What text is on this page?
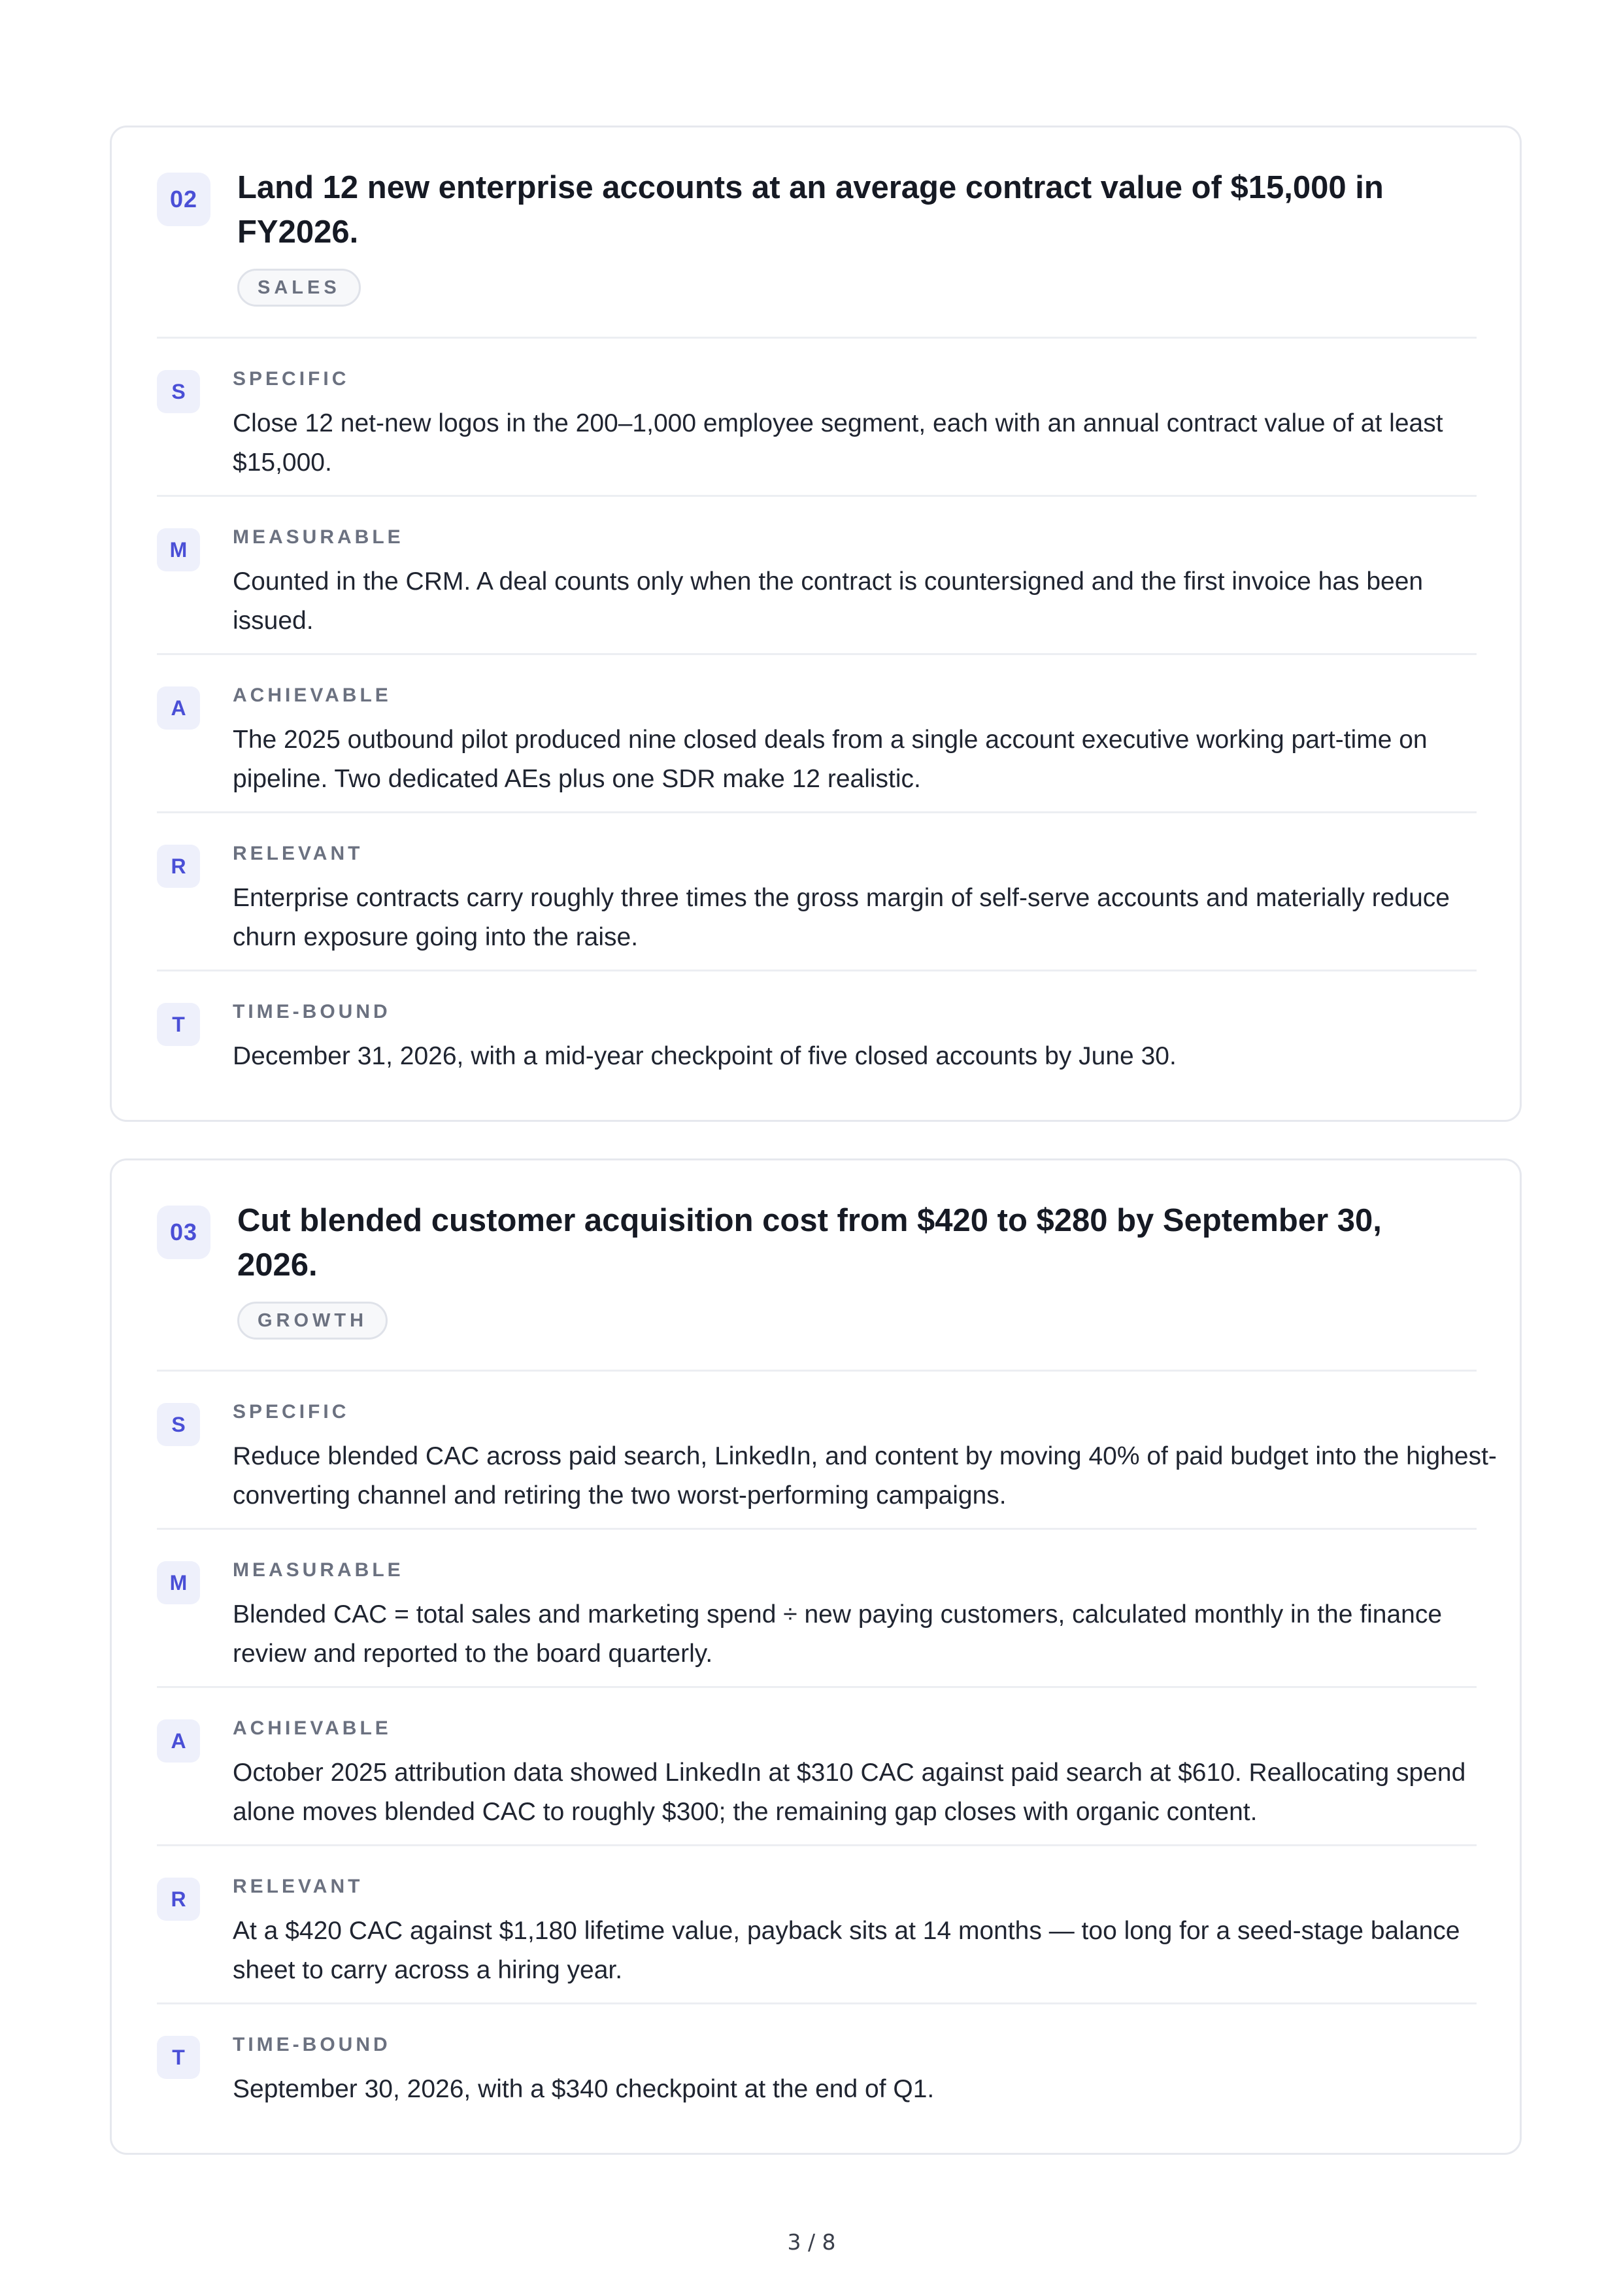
02	Land 12 new enterprise accounts at an average contract value of $15,000 in FY2026.
SALES
S
SPECIFIC

Close 12 net-new logos in the 200–1,000 employee segment, each with an annual contract value of at least $15,000.

M
MEASURABLE

Counted in the CRM. A deal counts only when the contract is countersigned and the first invoice has been issued.

A
ACHIEVABLE

The 2025 outbound pilot produced nine closed deals from a single account executive working part-time on pipeline. Two dedicated AEs plus one SDR make 12 realistic.

R
RELEVANT

Enterprise contracts carry roughly three times the gross margin of self-serve accounts and materially reduce churn exposure going into the raise.

T
TIME-BOUND

December 31, 2026, with a mid-year checkpoint of five closed accounts by June 30.

03	Cut blended customer acquisition cost from $420 to $280 by September 30, 2026.
GROWTH
S
SPECIFIC

Reduce blended CAC across paid search, LinkedIn, and content by moving 40% of paid budget into the highest-converting channel and retiring the two worst-performing campaigns.

M
MEASURABLE

Blended CAC = total sales and marketing spend ÷ new paying customers, calculated monthly in the finance review and reported to the board quarterly.

A
ACHIEVABLE

October 2025 attribution data showed LinkedIn at $310 CAC against paid search at $610. Reallocating spend alone moves blended CAC to roughly $300; the remaining gap closes with organic content.

R
RELEVANT

At a $420 CAC against $1,180 lifetime value, payback sits at 14 months — too long for a seed-stage balance sheet to carry across a hiring year.

T
TIME-BOUND

September 30, 2026, with a $340 checkpoint at the end of Q1.

3 / 8
